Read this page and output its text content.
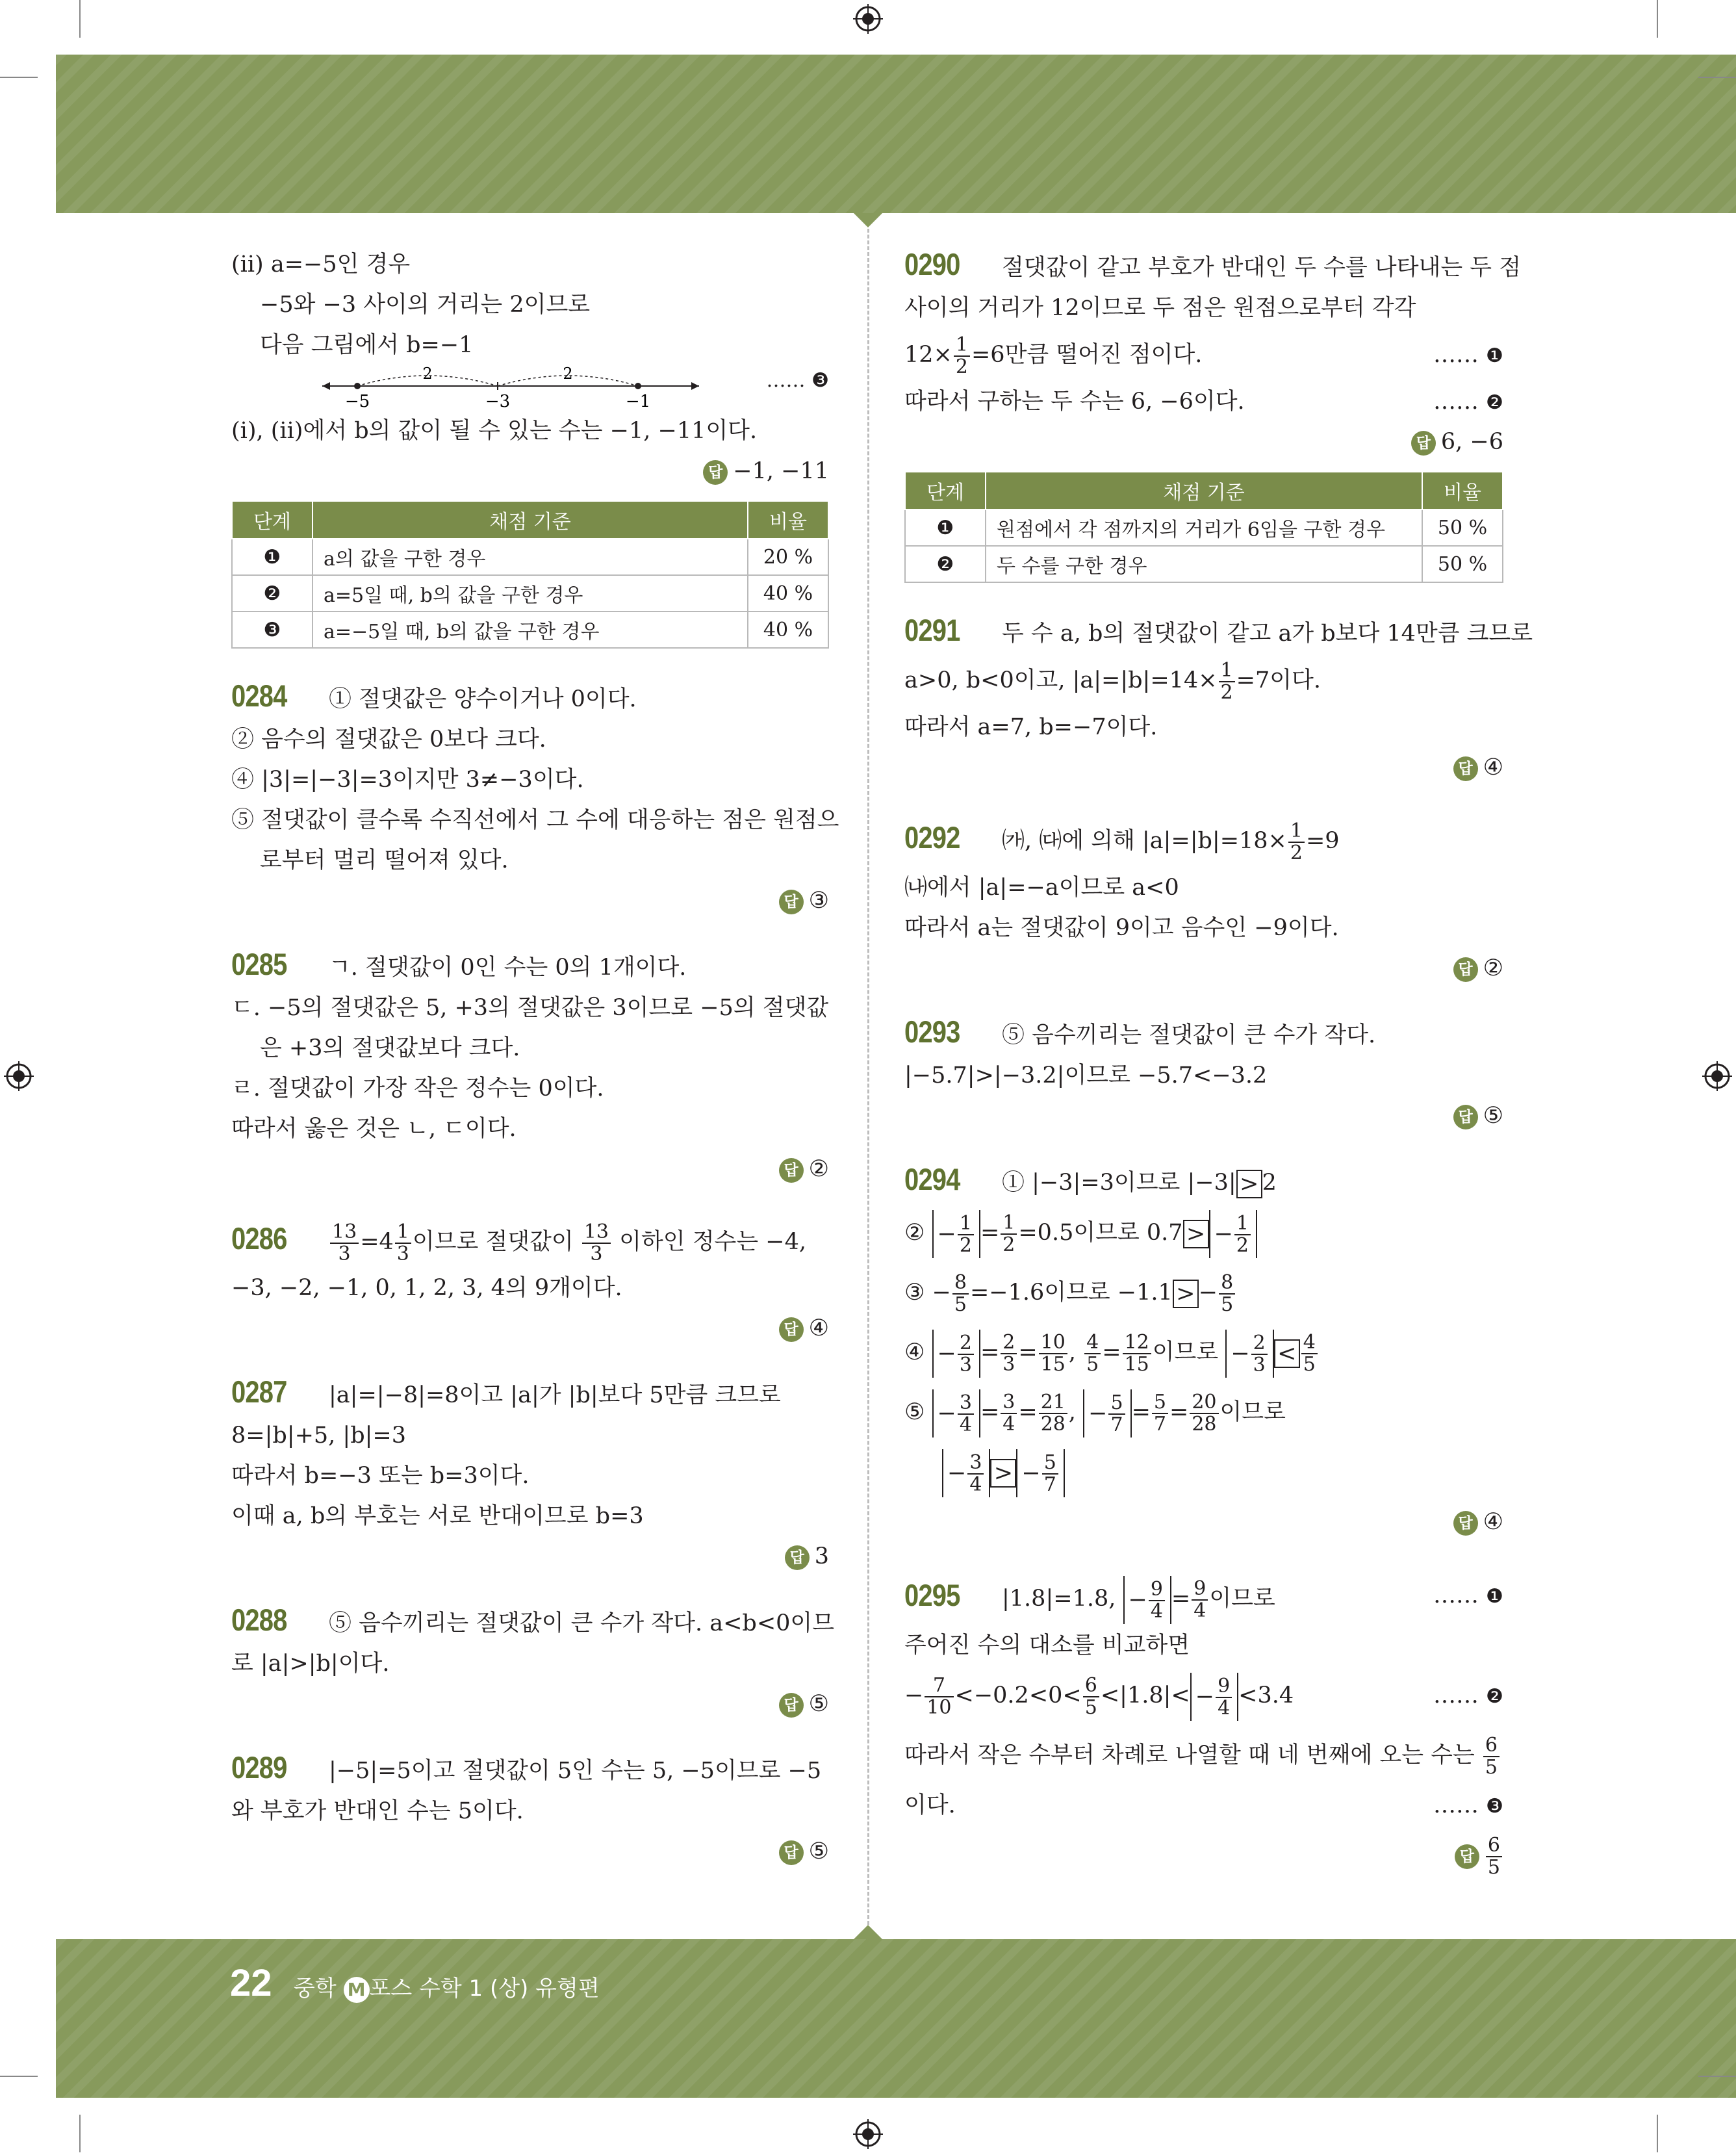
(ⅱ) a=−5인 경우

−5와 −3 사이의 거리는 2이므로

다음 그림에서 b=−1

2	2
−5	−3	−1
…… ❸

(ⅰ), (ⅱ)에서 b의 값이 될 수 있는 수는 −1, −11이다.

답 −1, −11

단계	채점 기준	비율
❶	a의 값을 구한 경우	20 %
❷	a=5일 때, b의 값을 구한 경우	40 %
❸	a=−5일 때, b의 값을 구한 경우	40 %

0284 ① 절댓값은 양수이거나 0이다.

② 음수의 절댓값은 0보다 크다.

④ |3|=|−3|=3이지만 3≠−3이다.

⑤ 절댓값이 클수록 수직선에서 그 수에 대응하는 점은 원점으

로부터 멀리 떨어져 있다.

답 ③

0285 ㄱ. 절댓값이 0인 수는 0의 1개이다.

ㄷ. −5의 절댓값은 5, +3의 절댓값은 3이므로 −5의 절댓값

은 +3의 절댓값보다 크다.

ㄹ. 절댓값이 가장 작은 정수는 0이다.

따라서 옳은 것은 ㄴ, ㄷ이다.

답 ②

$0286 \frac{13}{3} =4 \frac{1}{3}$ 이므로 절댓값이 $\frac{13}{3}$ 이하인 정수는 −4,

−3, −2, −1, 0, 1, 2, 3, 4의 9개이다.

답 ④

0287 |a|=|−8|=8이고 |a|가 |b|보다 5만큼 크므로

8=|b|+5, |b|=3

따라서 b=−3 또는 b=3이다.

이때 a, b의 부호는 서로 반대이므로 b=3

답 3

0288 ⑤ 음수끼리는 절댓값이 큰 수가 작다. a<b<0이므

로 |a|>|b|이다.

답 ⑤

0289 |−5|=5이고 절댓값이 5인 수는 5, −5이므로 −5

와 부호가 반대인 수는 5이다.

답 ⑤

0290 절댓값이 같고 부호가 반대인 두 수를 나타내는 두 점

사이의 거리가 12이므로 두 점은 원점으로부터 각각

$12\times \frac{1}{2} =6$만큼 떨어진 점이다.	…… ❶

따라서 구하는 두 수는 6, −6이다.	…… ❷

답 6, −6

단계	채점 기준	비율
❶	원점에서 각 점까지의 거리가 6임을 구한 경우	50 %
❷	두 수를 구한 경우	50 %

0291 두 수 a, b의 절댓값이 같고 a가 b보다 14만큼 크므로

a>0, b<0이고, $|a|=|b|=14\times \frac{1}{2} =7$이다.

따라서 a=7, b=−7이다.

답 ④

0292 ㈎, ㈐에 의해 $|a|=|b|=18\times \frac{1}{2} =9$

㈏에서 |a|=−a이므로 a<0

따라서 a는 절댓값이 9이고 음수인 −9이다.

답 ②

0293 ⑤ 음수끼리는 절댓값이 큰 수가 작다.

|−5.7|>|−3.2|이므로 −5.7<−3.2

답 ⑤

0294 ① |−3|=3이므로 |−3| > 2

② − $\frac{1}{2} = \frac{1}{2} =0.5$이므로 0.7 > − $\frac{1}{2}$

③ − $\frac{8}{5} =-1.6$이므로 −1.1 > − $\frac{8}{5}$

④ − $\frac{2}{3} = \frac{2}{3} = \frac{10}{15}$ , $\frac{4}{5} = \frac{12}{15}$ 이므로 − $\frac{2}{3} < \frac{4}{5}$

⑤ − $\frac{3}{4} = \frac{3}{4} = \frac{21}{28}$ , − $\frac{5}{7} = \frac{5}{7} = \frac{20}{28}$ 이므로

− $\frac{3}{4}$ > − $\frac{5}{7}$

답 ④

0295 |1.8|=1.8, − $\frac{9}{4} = \frac{9}{4}$ 이므로	…… ❶

주어진 수의 대소를 비교하면

− $\frac{7}{10} <-0.2<0< \frac{6}{5} <|1.8|< - \frac{9}{4} <3.4$	…… ❷

따라서 작은 수부터 차례로 나열할 때 네 번째에 오는 수는 $\frac{6}{5}$

이다.	…… ❸

답 $\frac{6}{5}$

22 중학 M 포스 수학 1 (상) 유형편
